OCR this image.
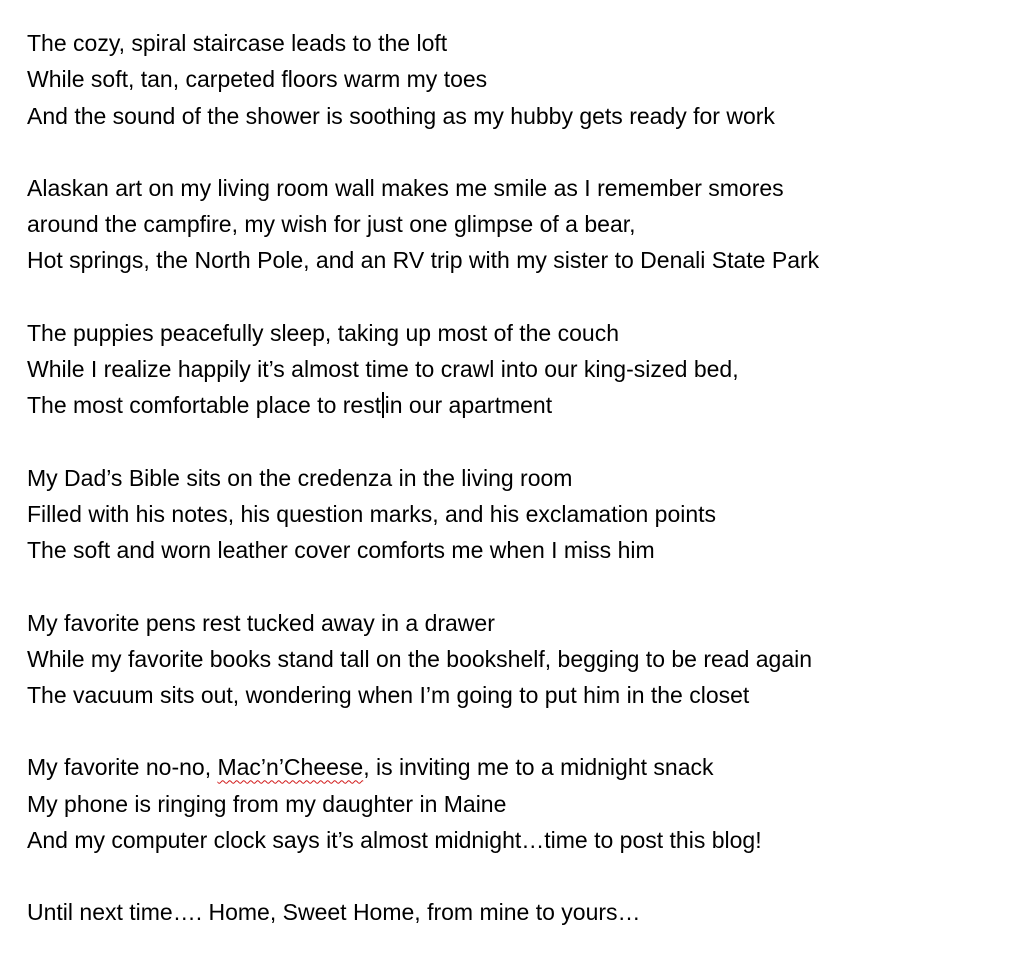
The cozy, spiral staircase leads to the loft
While soft, tan, carpeted floors warm my toes
And the sound of the shower is soothing as my hubby gets ready for work
Alaskan art on my living room wall makes me smile as I remember smores
around the campfire, my wish for just one glimpse of a bear,
Hot springs, the North Pole, and an RV trip with my sister to Denali State Park
The puppies peacefully sleep, taking up most of the couch
While I realize happily it’s almost time to crawl into our king-sized bed,
The most comfortable place to rest in our apartment
My Dad’s Bible sits on the credenza in the living room
Filled with his notes, his question marks, and his exclamation points
The soft and worn leather cover comforts me when I miss him
My favorite pens rest tucked away in a drawer
While my favorite books stand tall on the bookshelf, begging to be read again
The vacuum sits out, wondering when I’m going to put him in the closet
My favorite no-no, Mac’n’Cheese, is inviting me to a midnight snack
My phone is ringing from my daughter in Maine
And my computer clock says it’s almost midnight…time to post this blog!
Until next time…. Home, Sweet Home, from mine to yours…
